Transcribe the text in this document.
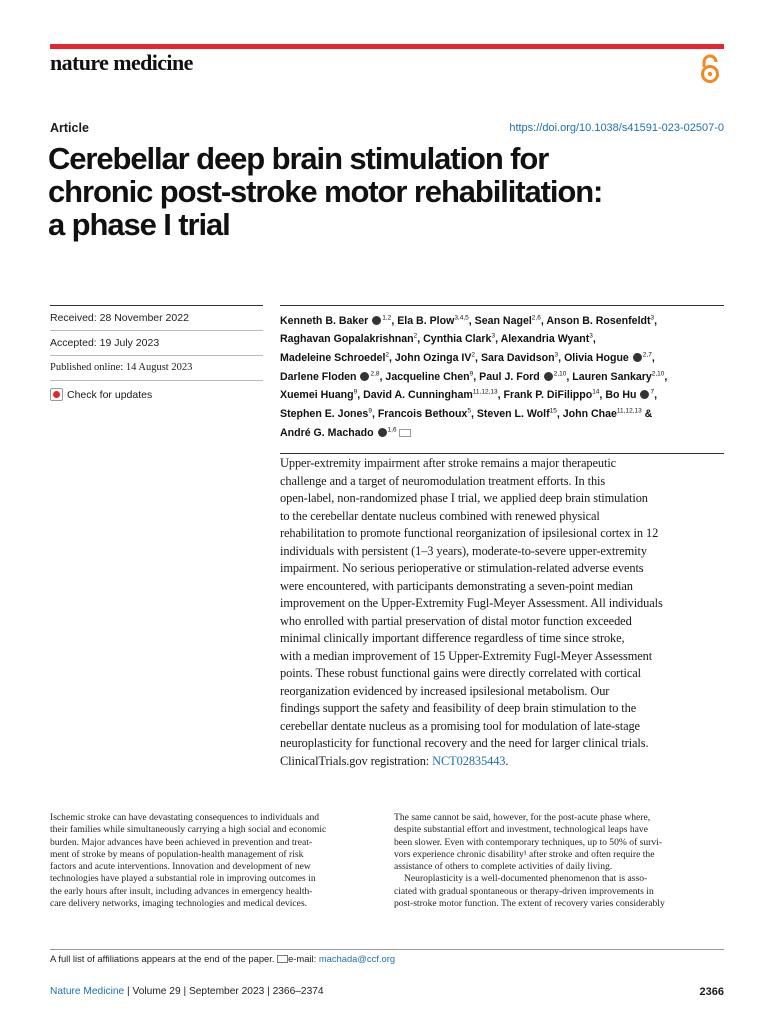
nature medicine
Article	https://doi.org/10.1038/s41591-023-02507-0
Cerebellar deep brain stimulation for
chronic post-stroke motor rehabilitation:
a phase I trial
Received: 28 November 2022
Accepted: 19 July 2023
Published online: 14 August 2023
Check for updates
Kenneth B. Baker $^{1,2}$, Ela B. Plow$^{3,4,5}$, Sean Nagel$^{2,6}$, Anson B. Rosenfeldt$^3$,
Raghavan Gopalakrishnan$^2$, Cynthia Clark$^3$, Alexandria Wyant$^3$,
Madeleine Schroedel$^2$, John Ozinga $IV^2$, Sara Davidson$^3$, Olivia Hogue $^{2,7}$,
Darlene Floden $^{2,8}$, Jacqueline Chen$^9$, Paul J. Ford $^{2,10}$, Lauren Sankary$^{2,10}$,
Xuemei Huang$^9$, David A. Cunningham$^{11,12,13}$, Frank P. DiFilippo$^{14}$, Bo Hu $^7$,
Stephen E. Jones$^9$, Francois Bethoux$^5$, Steven L. Wolf$^{15}$, John Chae$^{11,12,13}$ &
André G. Machado $^{1,6}$
Upper-extremity impairment after stroke remains a major therapeutic
challenge and a target of neuromodulation treatment efforts. In this
open-label, non-randomized phase I trial, we applied deep brain stimulation
to the cerebellar dentate nucleus combined with renewed physical
rehabilitation to promote functional reorganization of ipsilesional cortex in 12
individuals with persistent (1–3 years), moderate-to-severe upper-extremity
impairment. No serious perioperative or stimulation-related adverse events
were encountered, with participants demonstrating a seven-point median
improvement on the Upper-Extremity Fugl-Meyer Assessment. All individuals
who enrolled with partial preservation of distal motor function exceeded
minimal clinically important difference regardless of time since stroke,
with a median improvement of 15 Upper-Extremity Fugl-Meyer Assessment
points. These robust functional gains were directly correlated with cortical
reorganization evidenced by increased ipsilesional metabolism. Our
findings support the safety and feasibility of deep brain stimulation to the
cerebellar dentate nucleus as a promising tool for modulation of late-stage
neuroplasticity for functional recovery and the need for larger clinical trials.
ClinicalTrials.gov registration: NCT02835443.
Ischemic stroke can have devastating consequences to individuals and
their families while simultaneously carrying a high social and economic
burden. Major advances have been achieved in prevention and treat-
ment of stroke by means of population-health management of risk
factors and acute interventions. Innovation and development of new
technologies have played a substantial role in improving outcomes in
the early hours after insult, including advances in emergency health-
care delivery networks, imaging technologies and medical devices.
The same cannot be said, however, for the post-acute phase where,
despite substantial effort and investment, technological leaps have
been slower. Even with contemporary techniques, up to 50% of survi-
vors experience chronic disability¹ after stroke and often require the
assistance of others to complete activities of daily living.
Neuroplasticity is a well-documented phenomenon that is asso-
ciated with gradual spontaneous or therapy-driven improvements in
post-stroke motor function. The extent of recovery varies considerably
A full list of affiliations appears at the end of the paper. e-mail: machada@ccf.org
Nature Medicine | Volume 29 | September 2023 | 2366–2374	2366
